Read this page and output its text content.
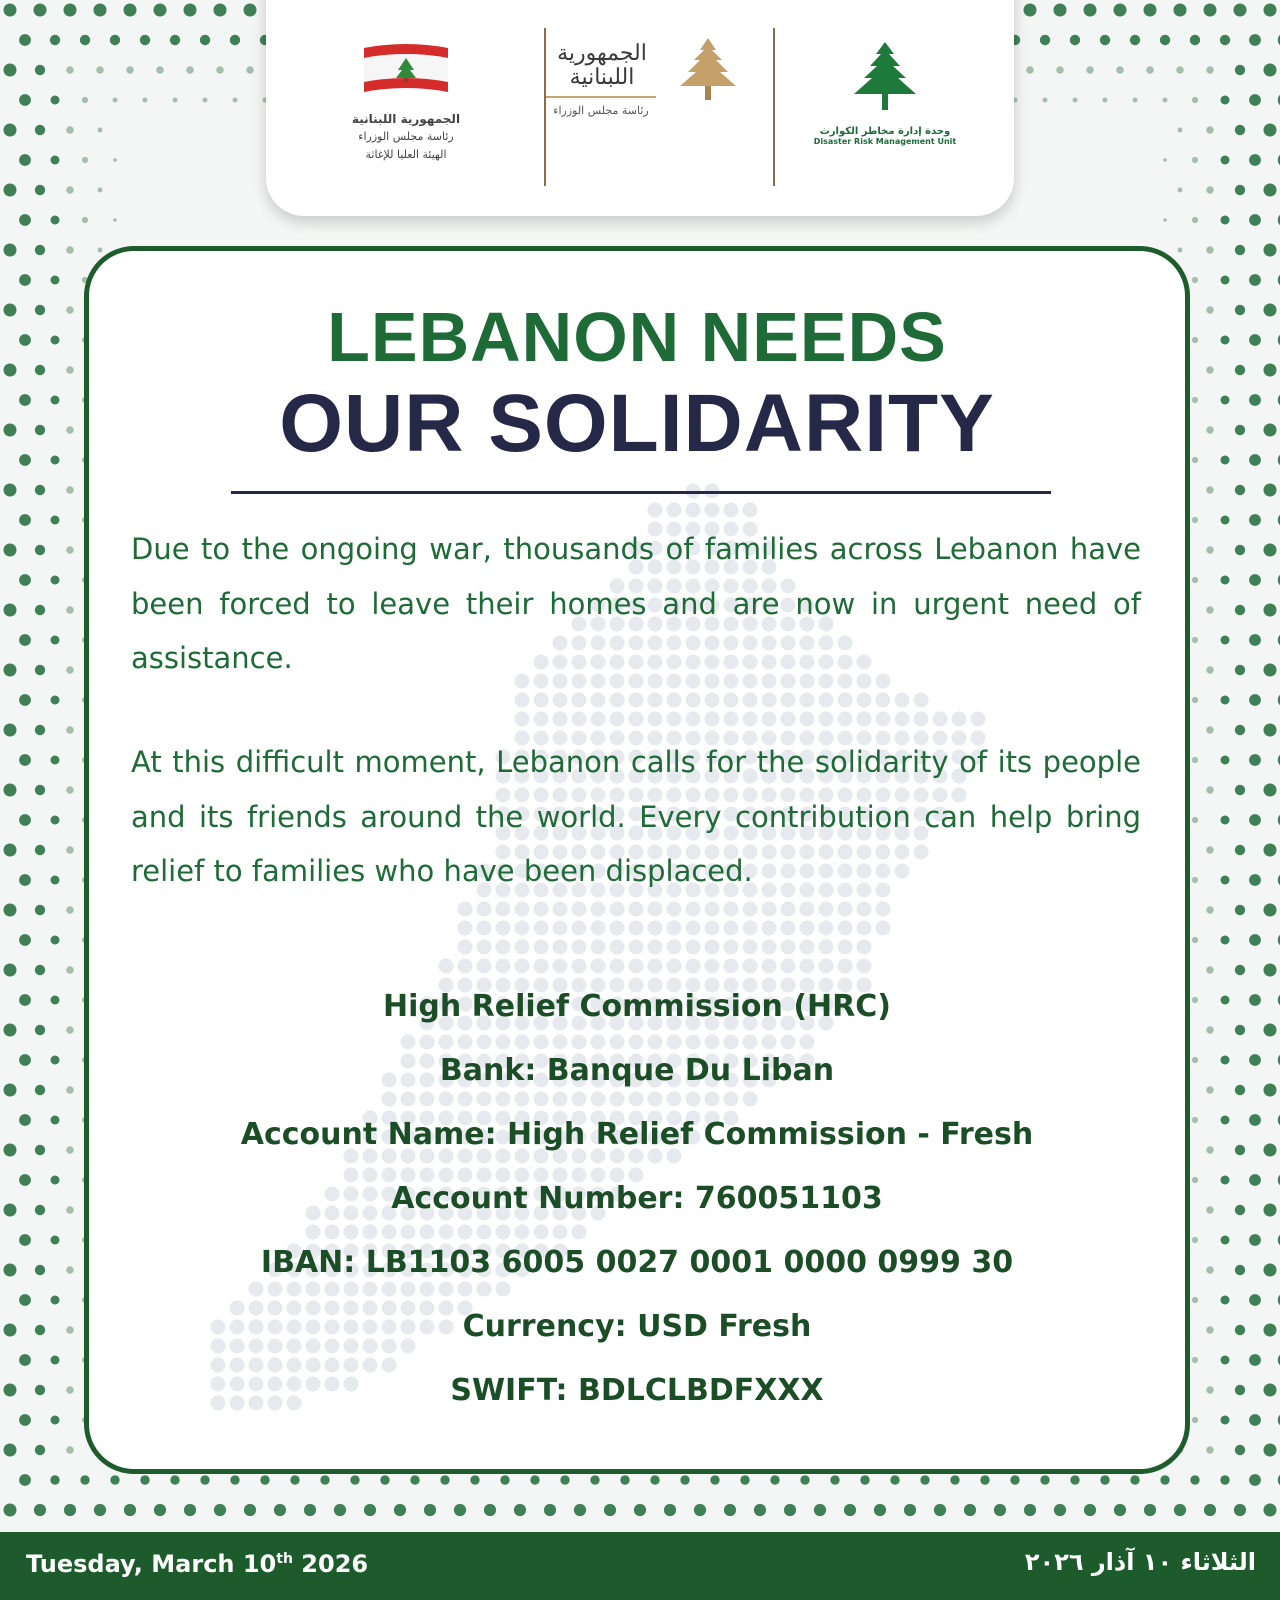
الجمهورية اللبنانية
رئاسة مجلس الوزراء
الهيئة العليا للإغاثة
الجمهورية اللبنانية
رئاسة مجلس الوزراء
وحدة إدارة مخاطر الكوارث
Disaster Risk Management Unit
LEBANON NEEDS
OUR SOLIDARITY
Due to the ongoing war, thousands of families across Lebanon have been forced to leave their homes and are now in urgent need of assistance.
At this difficult moment, Lebanon calls for the solidarity of its people and its friends around the world. Every contribution can help bring relief to families who have been displaced.
High Relief Commission (HRC)
Bank: Banque Du Liban
Account Name: High Relief Commission - Fresh
Account Number: 760051103
IBAN: LB1103 6005 0027 0001 0000 0999 30
Currency: USD Fresh
SWIFT: BDLCLBDFXXX
Tuesday, March 10th 2026	الثلاثاء ١٠ آذار ٢٠٢٦
